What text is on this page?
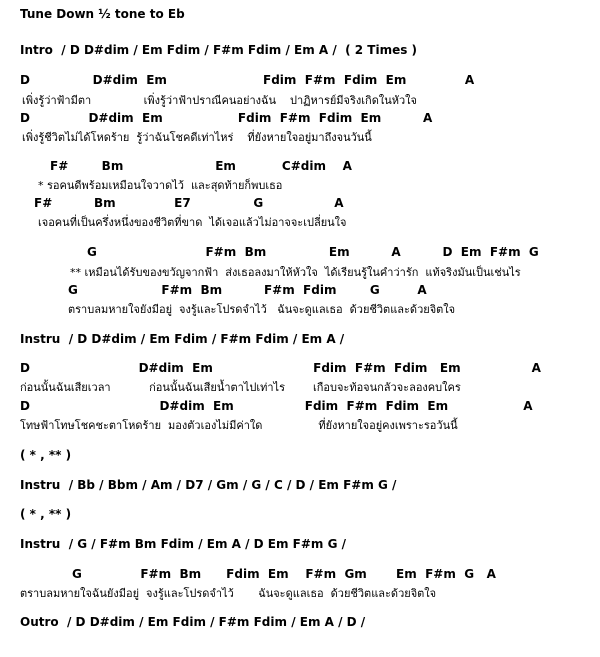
Tune Down ½ tone to Eb
Intro  / D D#dim / Em Fdim / F#m Fdim / Em A /  ( 2 Times )
D               D#dim  Em                       Fdim  F#m  Fdim  Em              A
เพิ่งรู้ว่าฟ้ามีตา               เพิ่งรู้ว่าฟ้าปราณีคนอย่างฉัน    ปาฏิหารย์มีจริงเกิดในหัวใจ
D              D#dim  Em                  Fdim  F#m  Fdim  Em          A
เพิ่งรู้ชีวิตไม่ได้โหดร้าย  รู้ว่าฉันโชคดีเท่าไหร่    ที่ยังหายใจอยู่มาถึงจนวันนี้
F#        Bm                      Em           C#dim    A
* รอคนดีพร้อมเหมือนใจวาดไว้  และสุดท้ายก็พบเธอ
F#          Bm              E7               G                 A
เจอคนที่เป็นครึ่งหนึ่งของชีวิตที่ขาด  ได้เจอแล้วไม่อาจจะเปลี่ยนใจ
G                          F#m  Bm               Em          A          D  Em  F#m  G
** เหมือนได้รับของขวัญจากฟ้า  ส่งเธอลงมาให้หัวใจ  ได้เรียนรู้ในคำว่ารัก  แท้จริงมันเป็นเช่นไร
G                    F#m  Bm          F#m  Fdim        G         A
ตราบลมหายใจยังมีอยู่  จงรู้และโปรดจำไว้   ฉันจะดูแลเธอ  ด้วยชีวิตและด้วยจิตใจ
Instru  / D D#dim / Em Fdim / F#m Fdim / Em A /
D                          D#dim  Em                        Fdim  F#m  Fdim   Em                 A
ก่อนนั้นฉันเสียเวลา           ก่อนนั้นฉันเสียน้ำตาไปเท่าไร        เกือบจะท้อจนกลัวจะลองคบใคร
D                               D#dim  Em                 Fdim  F#m  Fdim  Em                  A
โทษฟ้าโทษโชคชะตาโหดร้าย  มองตัวเองไม่มีค่าใด                ที่ยังหายใจอยู่คงเพราะรอวันนี้
( * , ** )
Instru  / Bb / Bbm / Am / D7 / Gm / G / C / D / Em F#m G /
( * , ** )
Instru  / G / F#m Bm Fdim / Em A / D Em F#m G /
G              F#m  Bm      Fdim  Em    F#m  Gm       Em  F#m  G   A
ตราบลมหายใจฉันยังมีอยู่  จงรู้และโปรดจำไว้       ฉันจะดูแลเธอ  ด้วยชีวิตและด้วยจิตใจ
Outro  / D D#dim / Em Fdim / F#m Fdim / Em A / D /
